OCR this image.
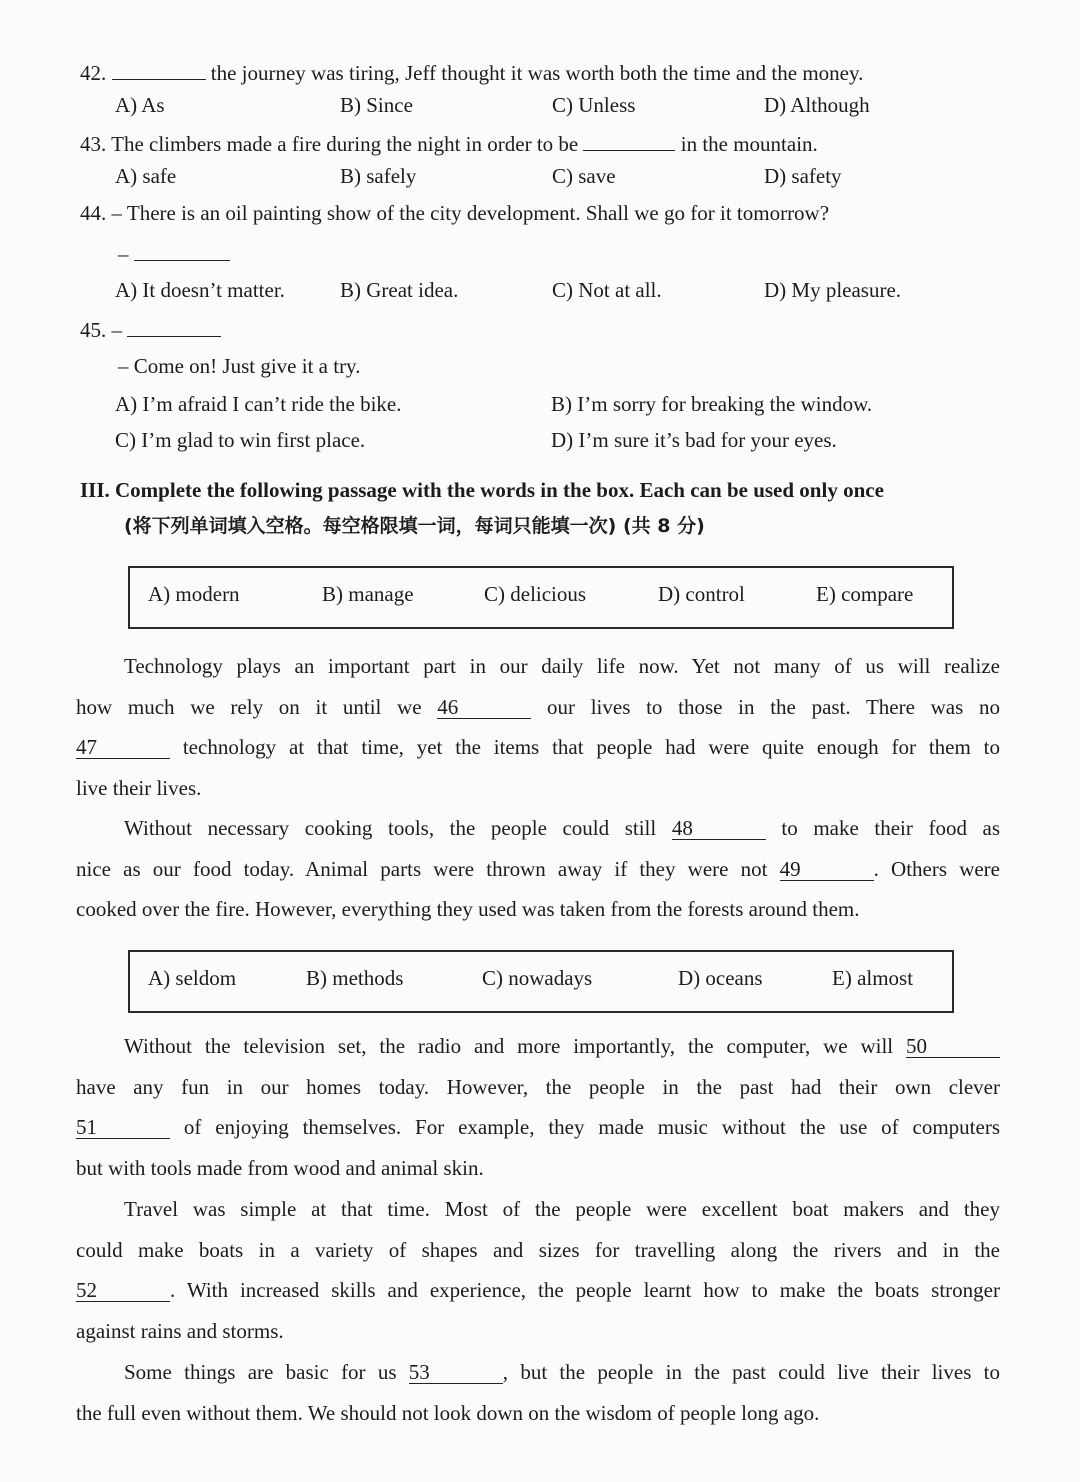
42.	the journey was tiring, Jeff thought it was worth both the time and the money.
A) As	B) Since	C) Unless	D) Although
43. The climbers made a fire during the night in order to be	in the mountain.
A) safe	B) safely	C) save	D) safety
44. – There is an oil painting show of the city development. Shall we go for it tomorrow?
–
A) It doesn’t matter.	B) Great idea.	C) Not at all.	D) My pleasure.
45. –
– Come on! Just give it a try.
A) I’m afraid I can’t ride the bike.	B) I’m sorry for breaking the window.
C) I’m glad to win first place.	D) I’m sure it’s bad for your eyes.
III. Complete the following passage with the words in the box. Each can be used only once
(将下列单词填入空格。每空格限填一词，每词只能填一次) (共 8 分)
A) modern	B) manage	C) delicious	D) control	E) compare
Technology plays an important part in our daily life now. Yet not many of us will realize
how much we rely on it until we 46	our lives to those in the past. There was no
47	technology at that time, yet the items that people had were quite enough for them to
live their lives.
Without necessary cooking tools, the people could still 48	to make their food as
nice as our food today. Animal parts were thrown away if they were not 49	. Others were
cooked over the fire. However, everything they used was taken from the forests around them.
A) seldom	B) methods	C) nowadays	D) oceans	E) almost
Without the television set, the radio and more importantly, the computer, we will 50
have any fun in our homes today. However, the people in the past had their own clever
51	of enjoying themselves. For example, they made music without the use of computers
but with tools made from wood and animal skin.
Travel was simple at that time. Most of the people were excellent boat makers and they
could make boats in a variety of shapes and sizes for travelling along the rivers and in the
52	. With increased skills and experience, the people learnt how to make the boats stronger
against rains and storms.
Some things are basic for us 53	, but the people in the past could live their lives to
the full even without them. We should not look down on the wisdom of people long ago.
